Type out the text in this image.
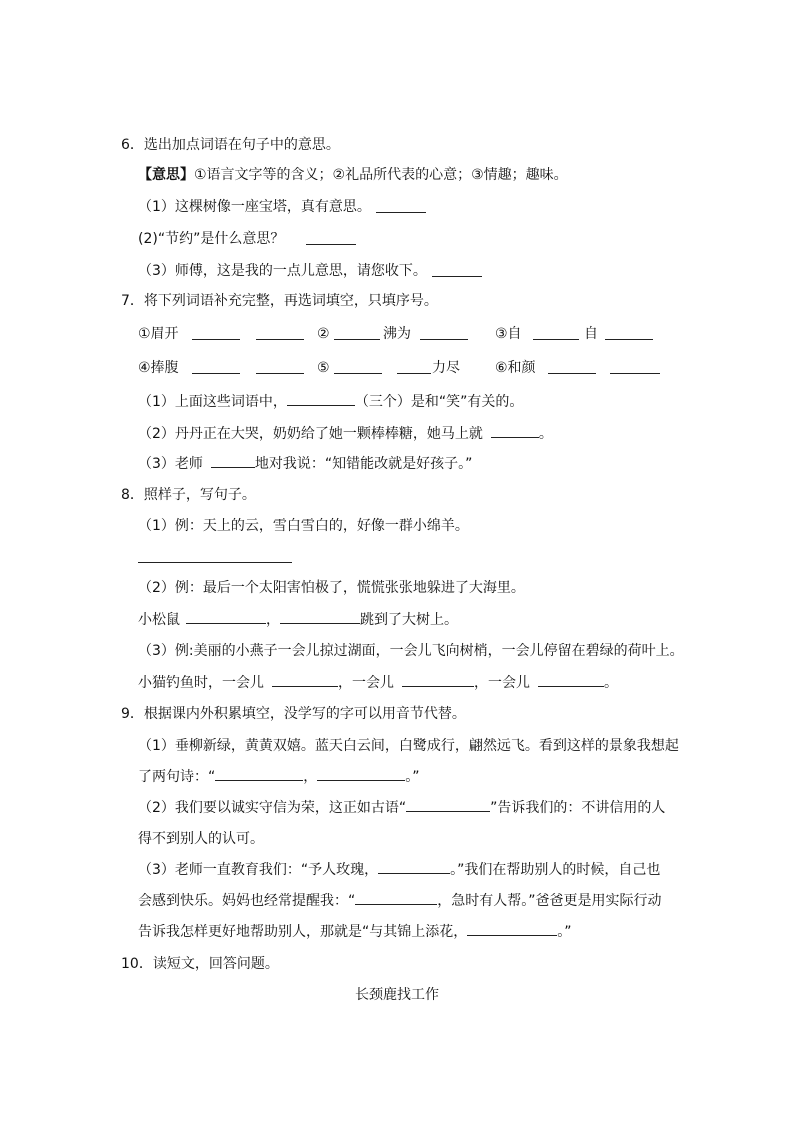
6．选出加点词语在句子中的意思。
【意思】①语言文字等的含义；②礼品所代表的心意；③情趣；趣味。
（1）这棵树像一座宝塔，真有意思。
(2)“节约”是什么意思？
（3）师傅，这是我的一点儿意思，请您收下。
7．将下列词语补充完整，再选词填空，只填序号。
①眉开	②	沸为	③自	自
④捧腹	⑤	力尽	⑥和颜
（1）上面这些词语中，	（三个）是和“笑”有关的。
（2）丹丹正在大哭，奶奶给了她一颗棒棒糖，她马上就	。
（3）老师	地对我说：“知错能改就是好孩子。”
8．照样子，写句子。
（1）例：天上的云，雪白雪白的，好像一群小绵羊。
（2）例：最后一个太阳害怕极了，慌慌张张地躲进了大海里。
小松鼠	，	跳到了大树上。
（3）例:美丽的小燕子一会儿掠过湖面，一会儿飞向树梢，一会儿停留在碧绿的荷叶上。
小猫钓鱼时，一会儿	，一会儿	，一会儿	。
9．根据课内外积累填空，没学写的字可以用音节代替。
（1）垂柳新绿，黄黄双嬉。蓝天白云间，白鹭成行，翩然远飞。看到这样的景象我想起
了两句诗：“	，	。”
（2）我们要以诚实守信为荣，这正如古语“	”告诉我们的：不讲信用的人
得不到别人的认可。
（3）老师一直教育我们：“予人玫瑰，	。”我们在帮助别人的时候，自己也
会感到快乐。妈妈也经常提醒我：“	，急时有人帮。”爸爸更是用实际行动
告诉我怎样更好地帮助别人，那就是“与其锦上添花，	。”
10．读短文，回答问题。
长颈鹿找工作
